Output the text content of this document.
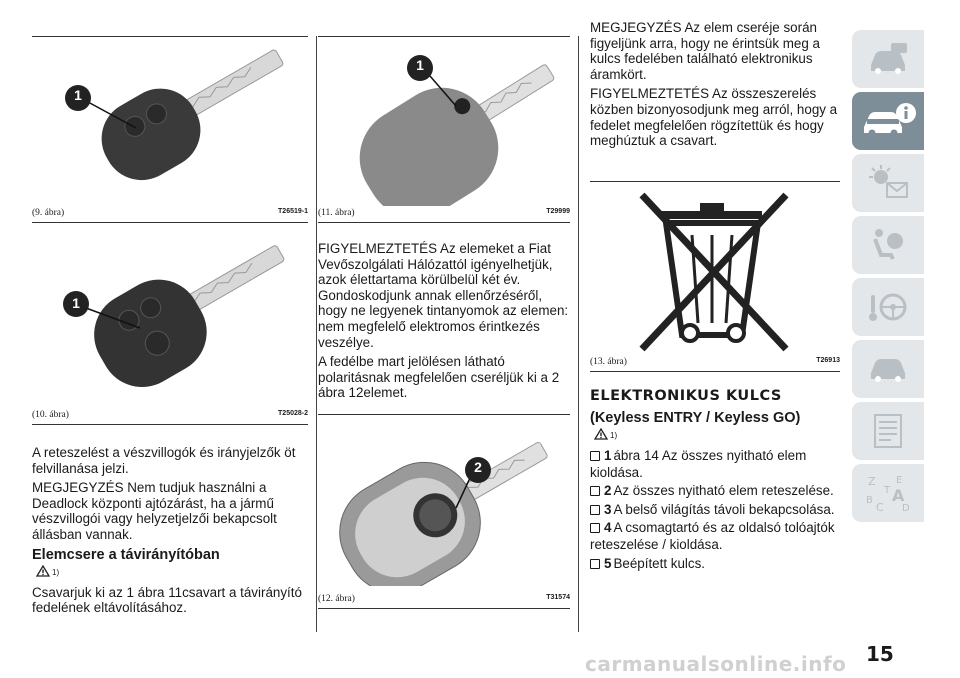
1
(9. ábra)	T26519-1
1
(10. ábra)	T25028-2

A reteszelést a vészvillogók és irányjelzők öt felvillanása jelzi.

MEGJEGYZÉS Nem tudjuk használni a Deadlock központi ajtózárást, ha a jármű vészvillogói vagy helyzetjelzői bekapcsolt állásban vannak.

Elemcsere a távirányítóban
1)

Csavarjuk ki az 1 ábra 11csavart a távirányító fedelének eltávolításához.

1
(11. ábra)	T29999

FIGYELMEZTETÉS Az elemeket a Fiat Vevőszolgálati Hálózattól igényelhetjük, azok élettartama körülbelül két év. Gondoskodjunk annak ellenőrzéséről, hogy ne legyenek tintanyomok az elemen: nem megfelelő elektromos érintkezés veszélye.

A fedélbe mart jelölésen látható polaritásnak megfelelően cseréljük ki a 2 ábra 12elemet.

2
(12. ábra)	T31574

MEGJEGYZÉS Az elem cseréje során figyeljünk arra, hogy ne érintsük meg a kulcs fedelében található elektronikus áramkört.

FIGYELMEZTETÉS Az összeszerelés közben bizonyosodjunk meg arról, hogy a fedelet megfelelően rögzítettük és hogy meghúztuk a csavart.

(13. ábra)	T26913
ELEKTRONIKUS KULCS
(Keyless ENTRY / Keyless GO)
1)
1 ábra 14 Az összes nyitható elem kioldása.
2 Az összes nyitható elem reteszelése.
3 A belső világítás távoli bekapcsolása.
4 A csomagtartó és az oldalsó tolóajtók reteszelése / kioldása.
5 Beépített kulcs.
Z E
A
B
C D
T
15
carmanualsonline.info
